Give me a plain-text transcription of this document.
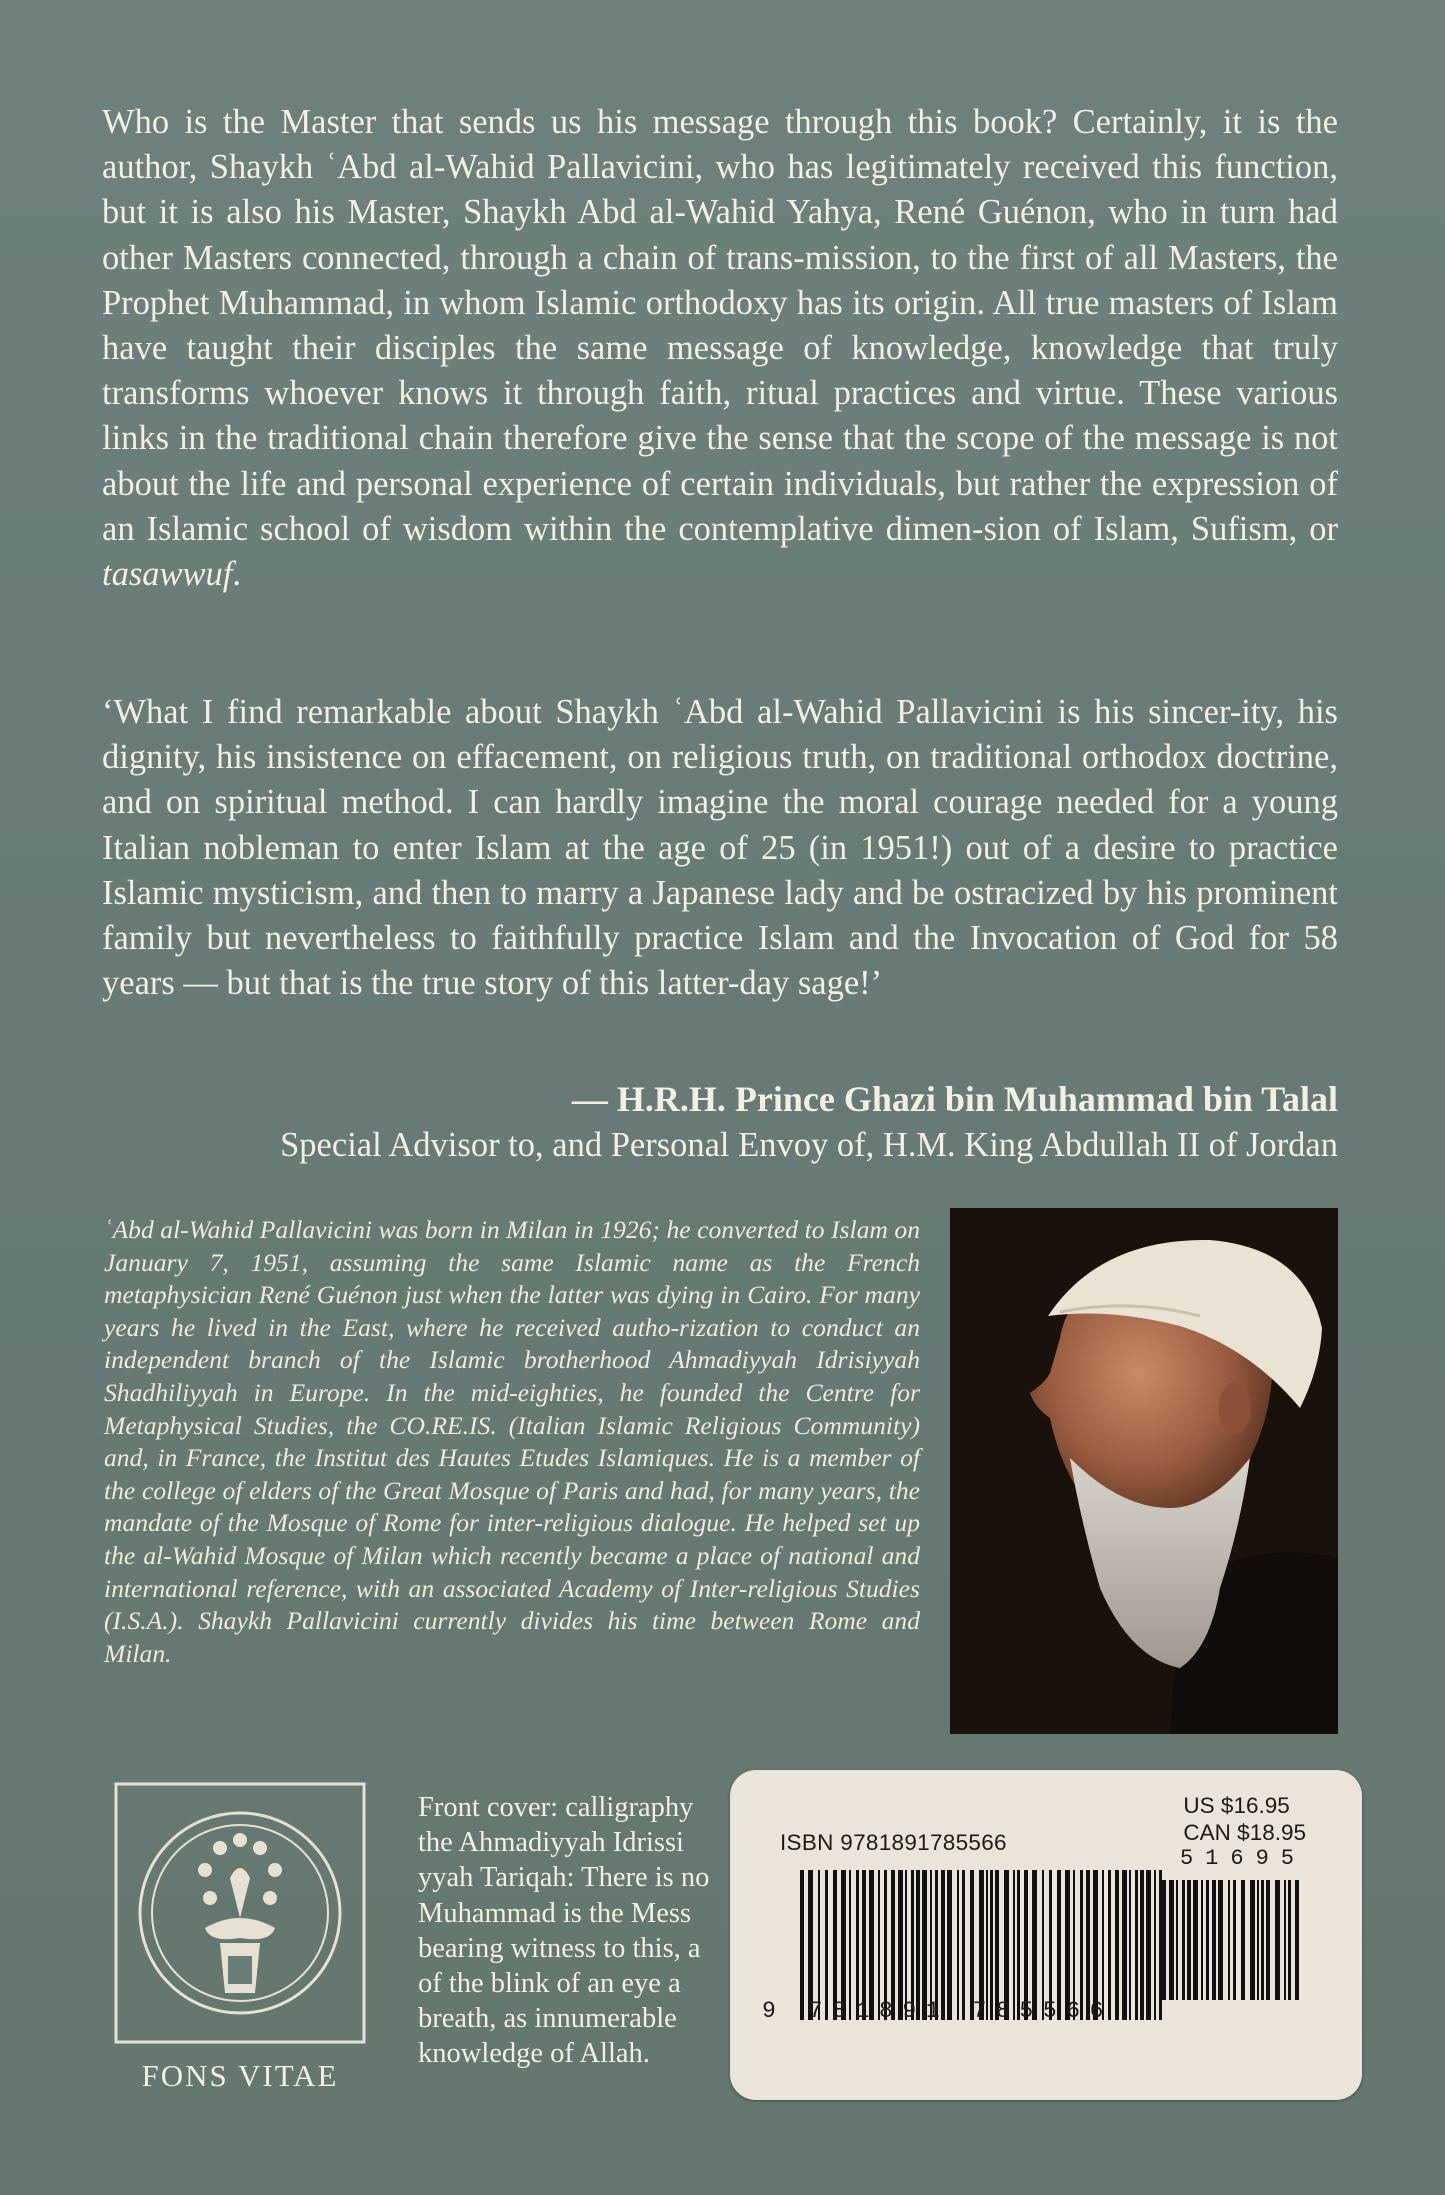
Who is the Master that sends us his message through this book? Certainly, it is the author, Shaykh ʿAbd al-Wahid Pallavicini, who has legitimately received this function, but it is also his Master, Shaykh Abd al-Wahid Yahya, René Guénon, who in turn had other Masters connected, through a chain of trans-mission, to the first of all Masters, the Prophet Muhammad, in whom Islamic orthodoxy has its origin. All true masters of Islam have taught their disciples the same message of knowledge, knowledge that truly transforms whoever knows it through faith, ritual practices and virtue. These various links in the traditional chain therefore give the sense that the scope of the message is not about the life and personal experience of certain individuals, but rather the expression of an Islamic school of wisdom within the contemplative dimen-sion of Islam, Sufism, or tasawwuf.

‘What I find remarkable about Shaykh ʿAbd al-Wahid Pallavicini is his sincer-ity, his dignity, his insistence on effacement, on religious truth, on traditional orthodox doctrine, and on spiritual method. I can hardly imagine the moral courage needed for a young Italian nobleman to enter Islam at the age of 25 (in 1951!) out of a desire to practice Islamic mysticism, and then to marry a Japanese lady and be ostracized by his prominent family but nevertheless to faithfully practice Islam and the Invocation of God for 58 years — but that is the true story of this latter-day sage!’

— H.R.H. Prince Ghazi bin Muhammad bin Talal
Special Advisor to, and Personal Envoy of, H.M. King Abdullah II of Jordan

ʿAbd al-Wahid Pallavicini was born in Milan in 1926; he converted to Islam on January 7, 1951, assuming the same Islamic name as the French metaphysician René Guénon just when the latter was dying in Cairo. For many years he lived in the East, where he received autho-rization to conduct an independent branch of the Islamic brotherhood Ahmadiyyah Idrisiyyah Shadhiliyyah in Europe. In the mid-eighties, he founded the Centre for Metaphysical Studies, the CO.RE.IS. (Italian Islamic Religious Community) and, in France, the Institut des Hautes Etudes Islamiques. He is a member of the college of elders of the Great Mosque of Paris and had, for many years, the mandate of the Mosque of Rome for inter-religious dialogue. He helped set up the al-Wahid Mosque of Milan which recently became a place of national and international reference, with an associated Academy of Inter-religious Studies (I.S.A.). Shaykh Pallavicini currently divides his time between Rome and Milan.

FONS VITAE

Front cover: calligraphy
the Ahmadiyyah Idrissi
yyah Tariqah: There is no
Muhammad is the Mess
bearing witness to this, a
of the blink of an eye a
breath, as innumerable
knowledge of Allah.
US $16.95
CAN $18.95
ISBN 9781891785566
51695
9 781891 785566
